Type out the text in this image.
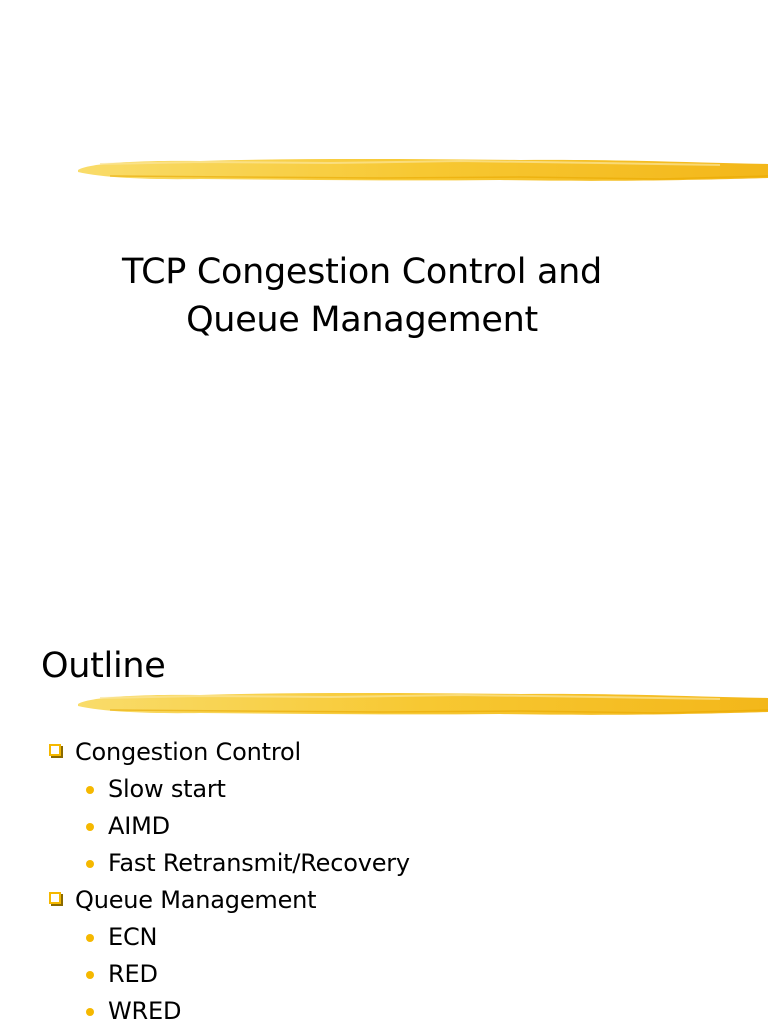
TCP Congestion Control and
Queue Management
Outline
Congestion Control
Slow start
AIMD
Fast Retransmit/Recovery
Queue Management
ECN
RED
WRED
